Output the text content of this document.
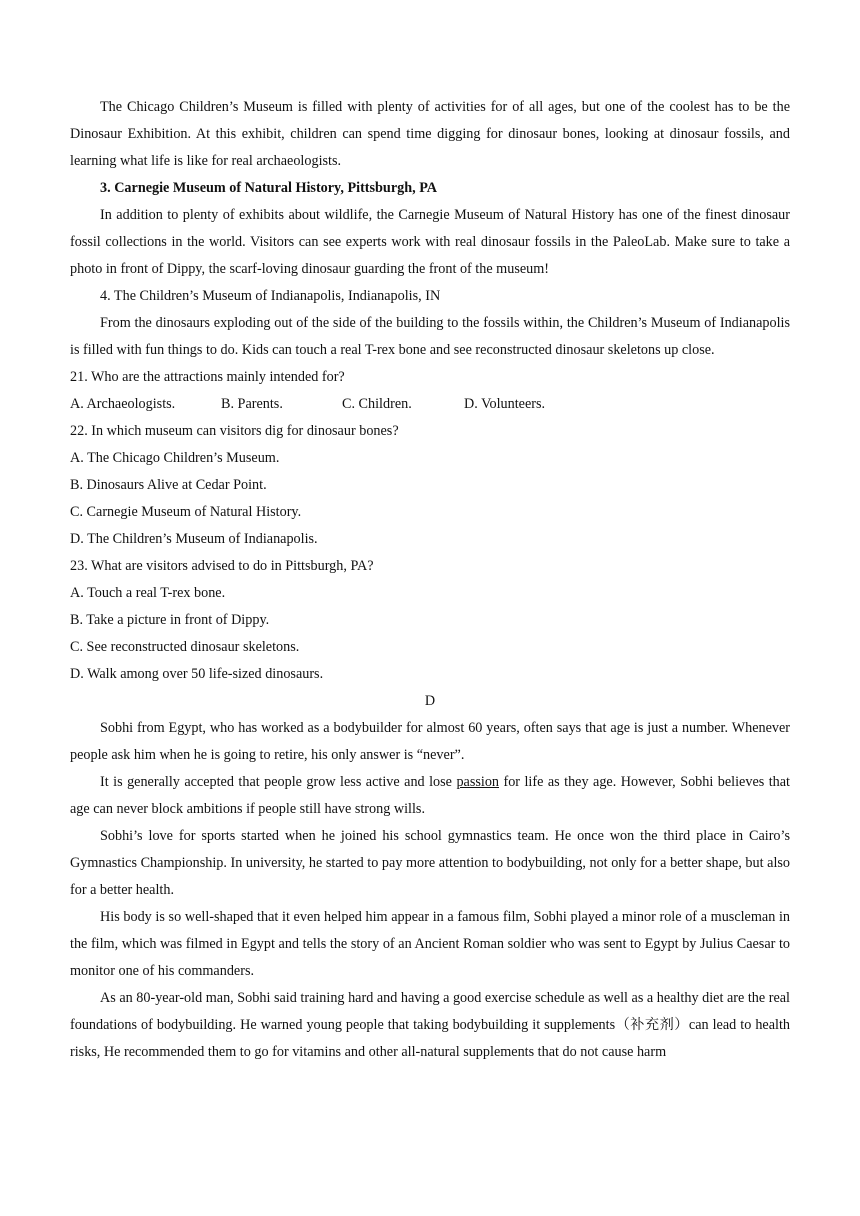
The Chicago Children’s Museum is filled with plenty of activities for of all ages, but one of the coolest has to be the Dinosaur Exhibition. At this exhibit, children can spend time digging for dinosaur bones, looking at dinosaur fossils, and learning what life is like for real archaeologists.

3. Carnegie Museum of Natural History, Pittsburgh, PA

In addition to plenty of exhibits about wildlife, the Carnegie Museum of Natural History has one of the finest dinosaur fossil collections in the world. Visitors can see experts work with real dinosaur fossils in the PaleoLab. Make sure to take a photo in front of Dippy, the scarf-loving dinosaur guarding the front of the museum!

4. The Children’s Museum of Indianapolis, Indianapolis, IN

From the dinosaurs exploding out of the side of the building to the fossils within, the Children’s Museum of Indianapolis is filled with fun things to do. Kids can touch a real T-rex bone and see reconstructed dinosaur skeletons up close.

21. Who are the attractions mainly intended for?

A. Archaeologists.	B. Parents.	C. Children.	D. Volunteers.

22. In which museum can visitors dig for dinosaur bones?

A. The Chicago Children’s Museum.

B. Dinosaurs Alive at Cedar Point.

C. Carnegie Museum of Natural History.

D. The Children’s Museum of Indianapolis.

23. What are visitors advised to do in Pittsburgh, PA?

A. Touch a real T-rex bone.

B. Take a picture in front of Dippy.

C. See reconstructed dinosaur skeletons.

D. Walk among over 50 life-sized dinosaurs.

D

Sobhi from Egypt, who has worked as a bodybuilder for almost 60 years, often says that age is just a number. Whenever people ask him when he is going to retire, his only answer is “never”.

It is generally accepted that people grow less active and lose passion for life as they age. However, Sobhi believes that age can never block ambitions if people still have strong wills.

Sobhi’s love for sports started when he joined his school gymnastics team. He once won the third place in Cairo’s Gymnastics Championship. In university, he started to pay more attention to bodybuilding, not only for a better shape, but also for a better health.

His body is so well-shaped that it even helped him appear in a famous film, Sobhi played a minor role of a muscleman in the film, which was filmed in Egypt and tells the story of an Ancient Roman soldier who was sent to Egypt by Julius Caesar to monitor one of his commanders.

As an 80-year-old man, Sobhi said training hard and having a good exercise schedule as well as a healthy diet are the real foundations of bodybuilding. He warned young people that taking bodybuilding it supplements（补充剂）can lead to health risks, He recommended them to go for vitamins and other all-natural supplements that do not cause harm
